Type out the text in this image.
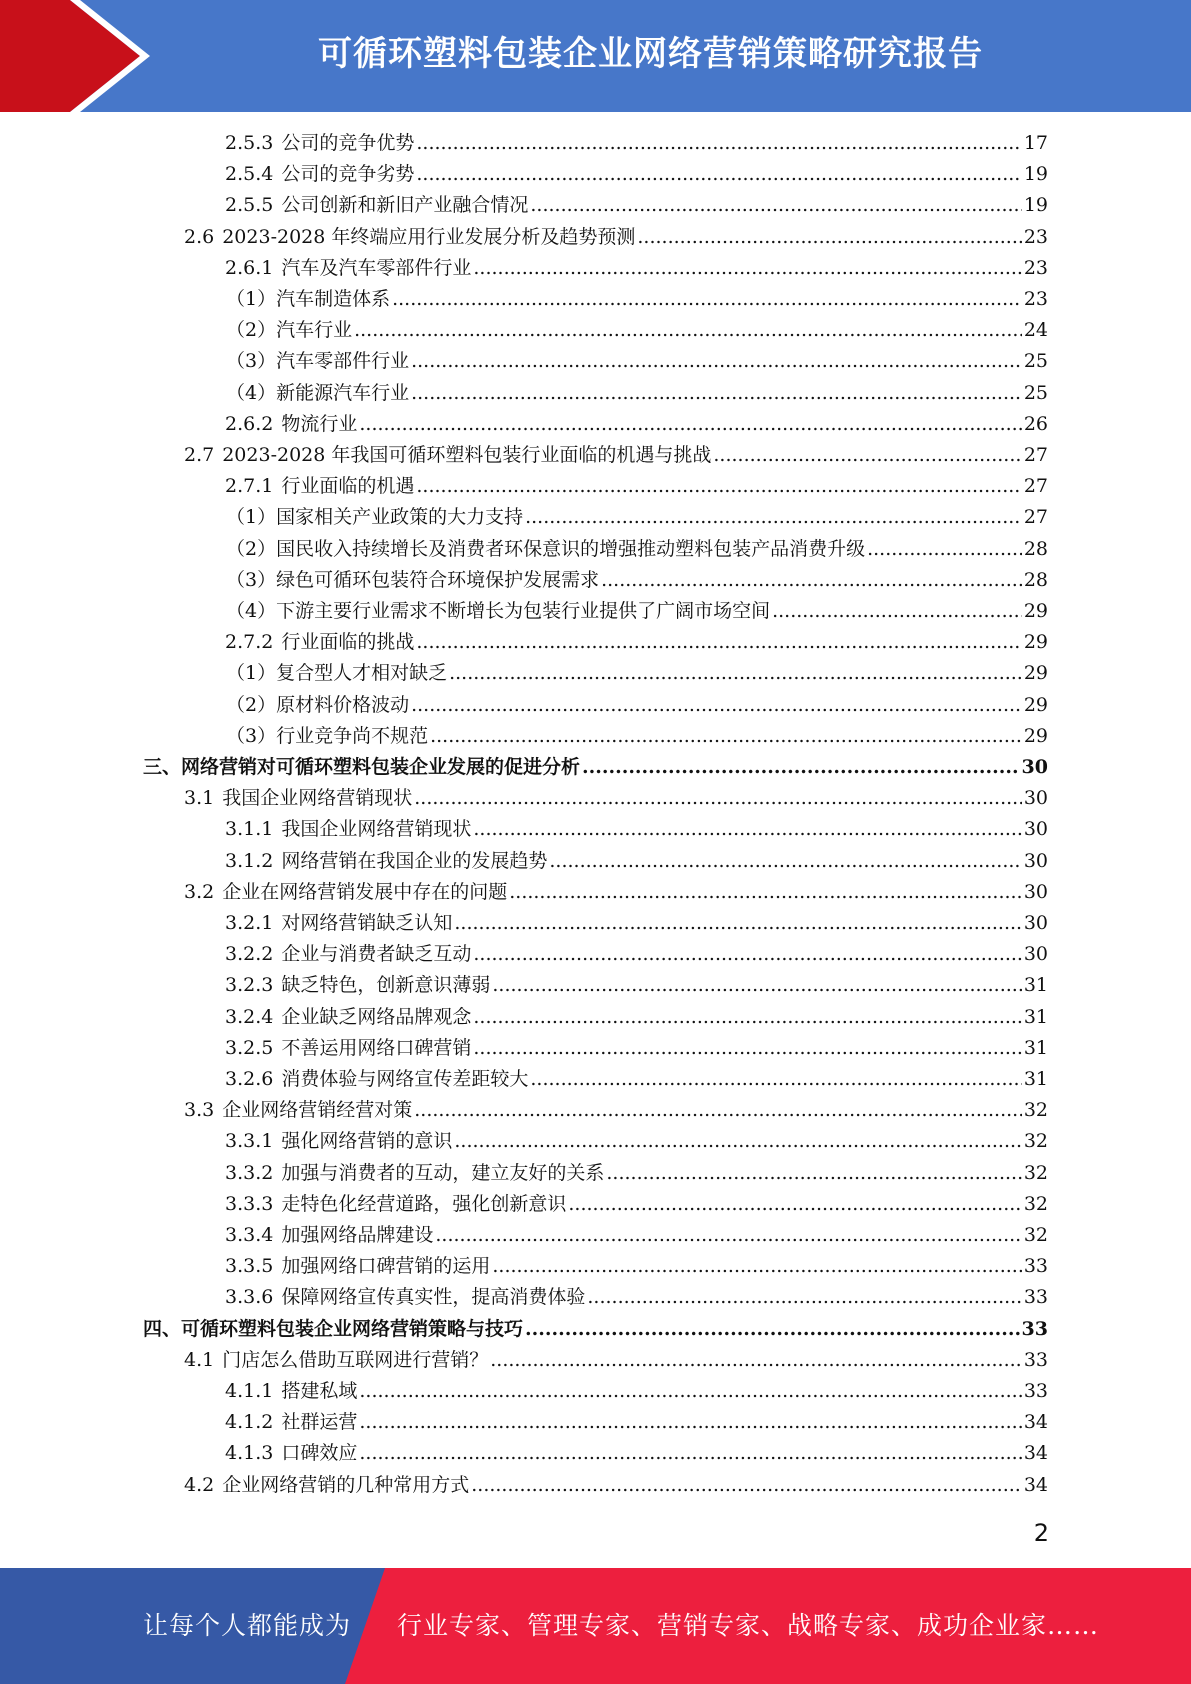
可循环塑料包装企业网络营销策略研究报告
2.5.3 公司的竞争优势 .....	17
2.5.4 公司的竞争劣势 .....	19
2.5.5 公司创新和新旧产业融合情况 .....	19
2.6 2023-2028 年终端应用行业发展分析及趋势预测 .....	23
2.6.1 汽车及汽车零部件行业 .....	23
（1）汽车制造体系 .....	23
（2）汽车行业 .....	24
（3）汽车零部件行业 .....	25
（4）新能源汽车行业 .....	25
2.6.2 物流行业 .....	26
2.7 2023-2028 年我国可循环塑料包装行业面临的机遇与挑战 .....	27
2.7.1 行业面临的机遇 .....	27
（1）国家相关产业政策的大力支持 .....	27
（2）国民收入持续增长及消费者环保意识的增强推动塑料包装产品消费升级 .....	28
（3）绿色可循环包装符合环境保护发展需求 .....	28
（4）下游主要行业需求不断增长为包装行业提供了广阔市场空间 .....	29
2.7.2 行业面临的挑战 .....	29
（1）复合型人才相对缺乏 .....	29
（2）原材料价格波动 .....	29
（3）行业竞争尚不规范 .....	29
三、网络营销对可循环塑料包装企业发展的促进分析 .....	30
3.1 我国企业网络营销现状 .....	30
3.1.1 我国企业网络营销现状 .....	30
3.1.2 网络营销在我国企业的发展趋势 .....	30
3.2 企业在网络营销发展中存在的问题 .....	30
3.2.1 对网络营销缺乏认知 .....	30
3.2.2 企业与消费者缺乏互动 .....	30
3.2.3 缺乏特色，创新意识薄弱 .....	31
3.2.4 企业缺乏网络品牌观念 .....	31
3.2.5 不善运用网络口碑营销 .....	31
3.2.6 消费体验与网络宣传差距较大 .....	31
3.3 企业网络营销经营对策 .....	32
3.3.1 强化网络营销的意识 .....	32
3.3.2 加强与消费者的互动，建立友好的关系 .....	32
3.3.3 走特色化经营道路，强化创新意识 .....	32
3.3.4 加强网络品牌建设 .....	32
3.3.5 加强网络口碑营销的运用 .....	33
3.3.6 保障网络宣传真实性，提高消费体验 .....	33
四、可循环塑料包装企业网络营销策略与技巧 .....	33
4.1 门店怎么借助互联网进行营销？ .....	33
4.1.1 搭建私域 .....	33
4.1.2 社群运营 .....	34
4.1.3 口碑效应 .....	34
4.2 企业网络营销的几种常用方式 .....	34
2
让每个人都能成为 行业专家、管理专家、营销专家、战略专家、成功企业家……
